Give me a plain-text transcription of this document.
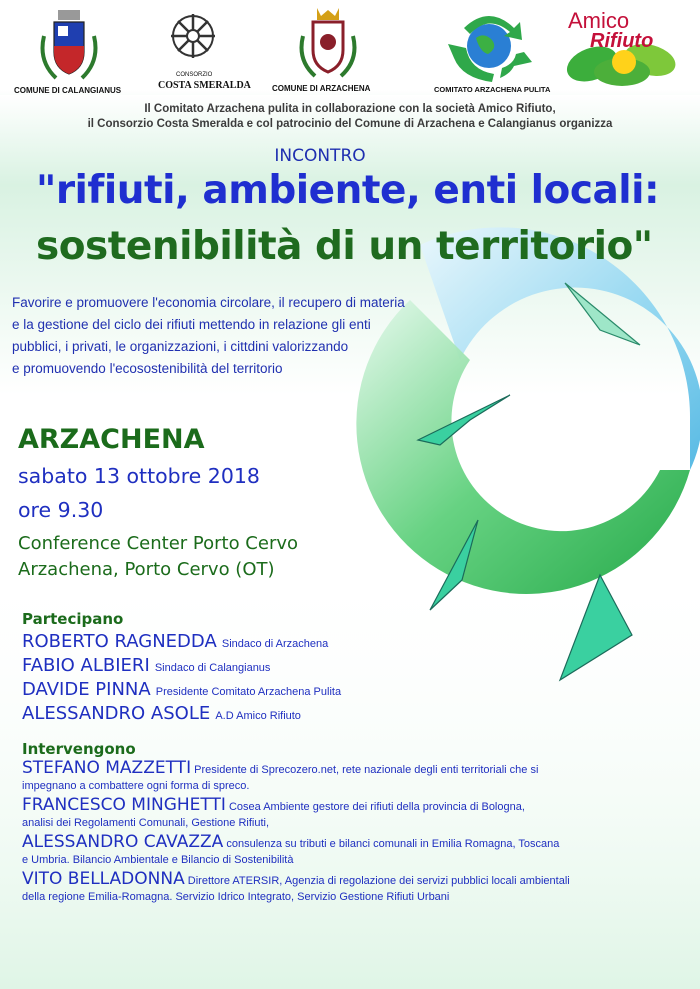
COMUNE DI CALANGIANUS
CONSORZIO
COSTA SMERALDA	COMUNE DI ARZACHENA	COMITATO ARZACHENA PULITA
Amico
Rifiuto
Il Comitato Arzachena pulita in collaborazione con la società Amico Rifiuto,
il Consorzio Costa Smeralda e col patrocinio del Comune di Arzachena e Calangianus organizza
INCONTRO
"rifiuti, ambiente, enti locali:
sostenibilità di un territorio"
Favorire e promuovere l'economia circolare, il recupero di materia
e la gestione del ciclo dei rifiuti mettendo in relazione gli enti
pubblici, i privati, le organizzazioni, i cittdini valorizzando
e promuovendo l'ecosostenibilità del territorio
ARZACHENA
sabato 13 ottobre 2018
ore 9.30
Conference Center Porto Cervo
Arzachena, Porto Cervo (OT)
Partecipano
ROBERTO RAGNEDDA Sindaco di Arzachena
FABIO ALBIERI Sindaco di Calangianus
DAVIDE PINNA Presidente Comitato Arzachena Pulita
ALESSANDRO ASOLE A.D Amico Rifiuto
Intervengono
STEFANO MAZZETTI Presidente di Sprecozero.net, rete nazionale degli enti territoriali che si
impegnano a combattere ogni forma di spreco.
FRANCESCO MINGHETTI Cosea Ambiente gestore dei rifiuti della provincia di Bologna,
analisi dei Regolamenti Comunali, Gestione Rifiuti,
ALESSANDRO CAVAZZA consulenza su tributi e bilanci comunali in Emilia Romagna, Toscana
e Umbria. Bilancio Ambientale e Bilancio di Sostenibilità
VITO BELLADONNA Direttore ATERSIR, Agenzia di regolazione dei servizi pubblici locali ambientali
della regione Emilia-Romagna. Servizio Idrico Integrato, Servizio Gestione Rifiuti Urbani
